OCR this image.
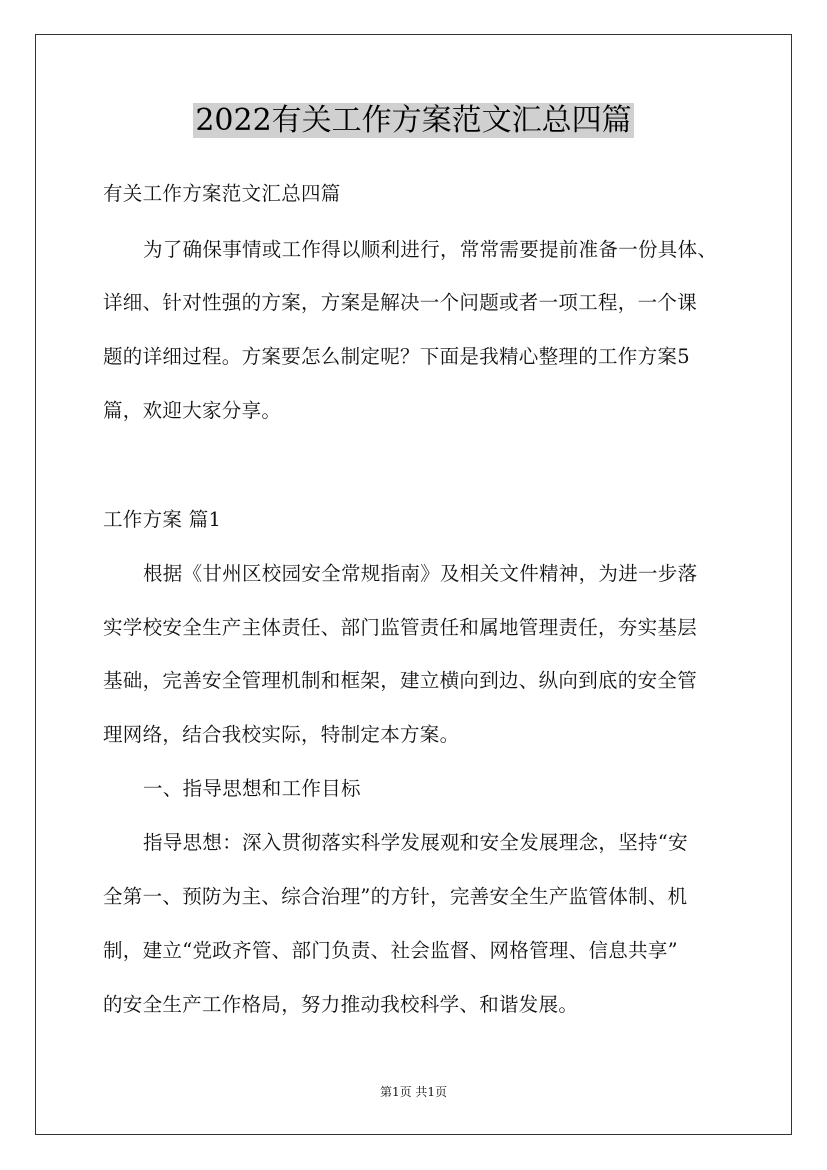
2022有关工作方案范文汇总四篇
有关工作方案范文汇总四篇
为了确保事情或工作得以顺利进行，常常需要提前准备一份具体、
详细、针对性强的方案，方案是解决一个问题或者一项工程，一个课
题的详细过程。方案要怎么制定呢？下面是我精心整理的工作方案5
篇，欢迎大家分享。
工作方案 篇1
根据《甘州区校园安全常规指南》及相关文件精神，为进一步落
实学校安全生产主体责任、部门监管责任和属地管理责任，夯实基层
基础，完善安全管理机制和框架，建立横向到边、纵向到底的安全管
理网络，结合我校实际，特制定本方案。
一、指导思想和工作目标
指导思想：深入贯彻落实科学发展观和安全发展理念，坚持“安
全第一、预防为主、综合治理”的方针，完善安全生产监管体制、机
制，建立“党政齐管、部门负责、社会监督、网格管理、信息共享”
的安全生产工作格局，努力推动我校科学、和谐发展。
第1页 共1页
